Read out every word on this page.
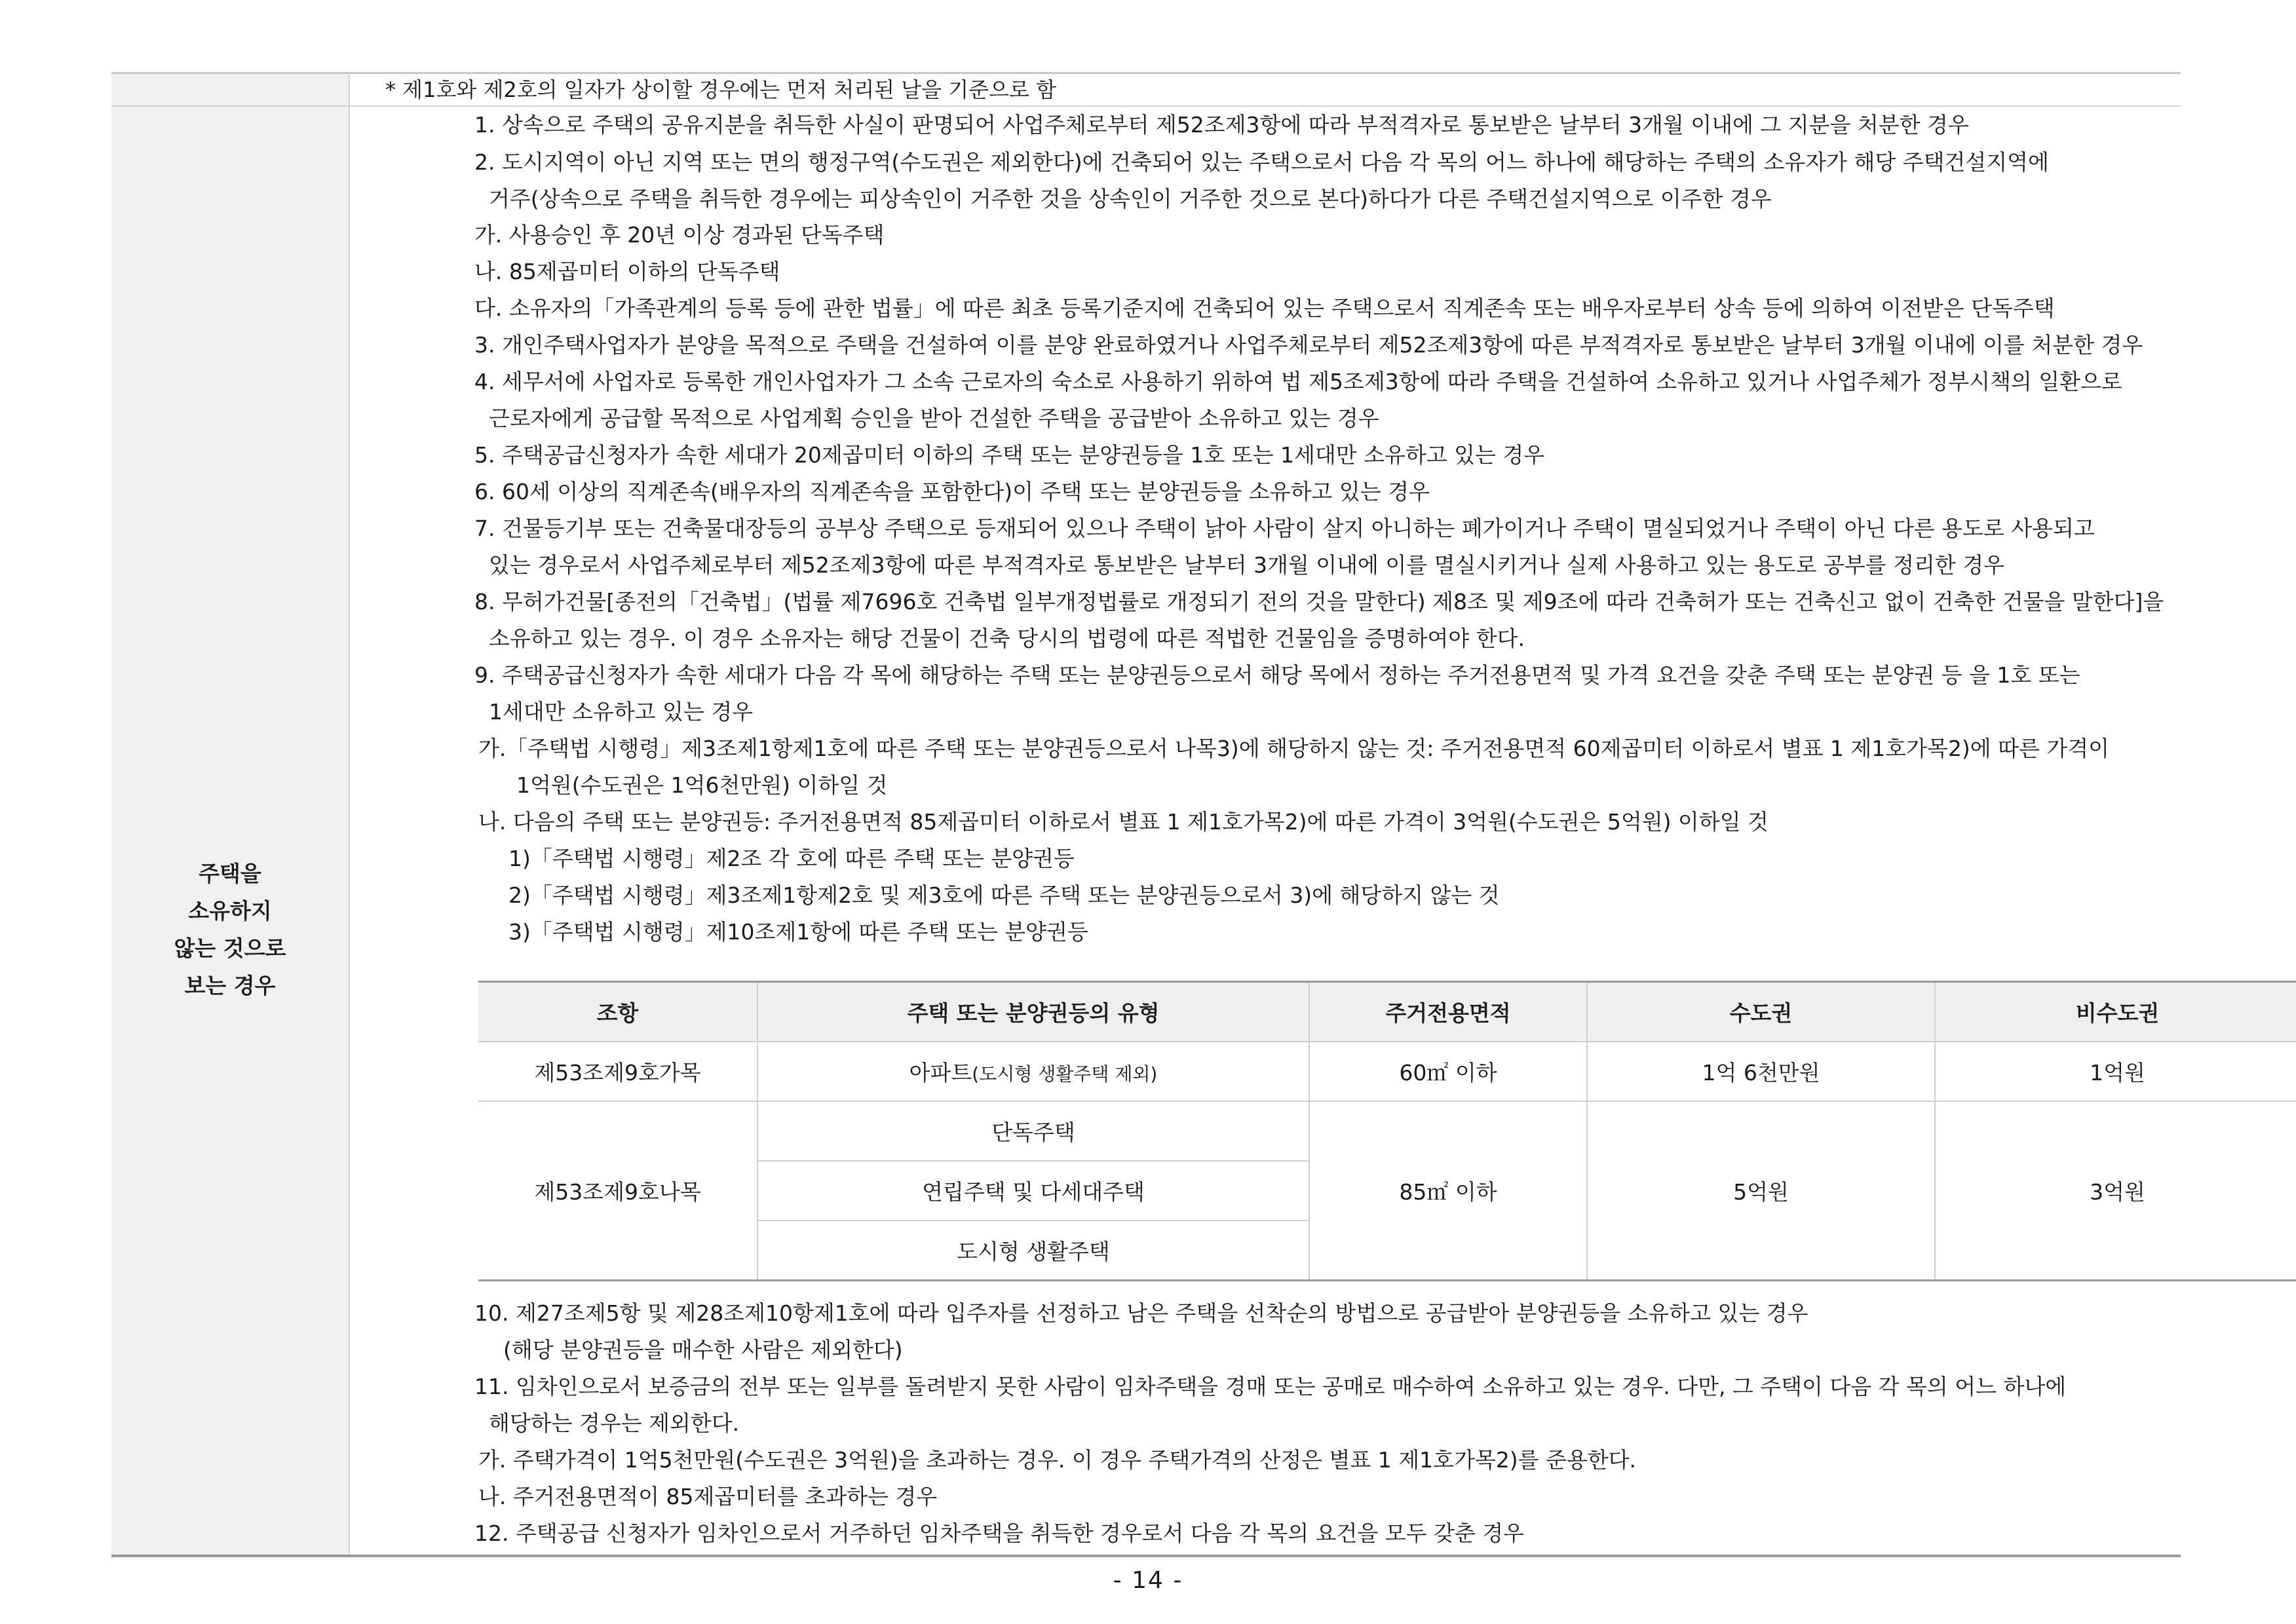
* 제1호와 제2호의 일자가 상이할 경우에는 먼저 처리된 날을 기준으로 함
주택을
소유하지
않는 것으로
보는 경우
1. 상속으로 주택의 공유지분을 취득한 사실이 판명되어 사업주체로부터 제52조제3항에 따라 부적격자로 통보받은 날부터 3개월 이내에 그 지분을 처분한 경우
2. 도시지역이 아닌 지역 또는 면의 행정구역(수도권은 제외한다)에 건축되어 있는 주택으로서 다음 각 목의 어느 하나에 해당하는 주택의 소유자가 해당 주택건설지역에
거주(상속으로 주택을 취득한 경우에는 피상속인이 거주한 것을 상속인이 거주한 것으로 본다)하다가 다른 주택건설지역으로 이주한 경우
가. 사용승인 후 20년 이상 경과된 단독주택
나. 85제곱미터 이하의 단독주택
다. 소유자의「가족관계의 등록 등에 관한 법률」에 따른 최초 등록기준지에 건축되어 있는 주택으로서 직계존속 또는 배우자로부터 상속 등에 의하여 이전받은 단독주택
3. 개인주택사업자가 분양을 목적으로 주택을 건설하여 이를 분양 완료하였거나 사업주체로부터 제52조제3항에 따른 부적격자로 통보받은 날부터 3개월 이내에 이를 처분한 경우
4. 세무서에 사업자로 등록한 개인사업자가 그 소속 근로자의 숙소로 사용하기 위하여 법 제5조제3항에 따라 주택을 건설하여 소유하고 있거나 사업주체가 정부시책의 일환으로
근로자에게 공급할 목적으로 사업계획 승인을 받아 건설한 주택을 공급받아 소유하고 있는 경우
5. 주택공급신청자가 속한 세대가 20제곱미터 이하의 주택 또는 분양권등을 1호 또는 1세대만 소유하고 있는 경우
6. 60세 이상의 직계존속(배우자의 직계존속을 포함한다)이 주택 또는 분양권등을 소유하고 있는 경우
7. 건물등기부 또는 건축물대장등의 공부상 주택으로 등재되어 있으나 주택이 낡아 사람이 살지 아니하는 폐가이거나 주택이 멸실되었거나 주택이 아닌 다른 용도로 사용되고
있는 경우로서 사업주체로부터 제52조제3항에 따른 부적격자로 통보받은 날부터 3개월 이내에 이를 멸실시키거나 실제 사용하고 있는 용도로 공부를 정리한 경우
8. 무허가건물[종전의「건축법」(법률 제7696호 건축법 일부개정법률로 개정되기 전의 것을 말한다) 제8조 및 제9조에 따라 건축허가 또는 건축신고 없이 건축한 건물을 말한다]을
소유하고 있는 경우. 이 경우 소유자는 해당 건물이 건축 당시의 법령에 따른 적법한 건물임을 증명하여야 한다.
9. 주택공급신청자가 속한 세대가 다음 각 목에 해당하는 주택 또는 분양권등으로서 해당 목에서 정하는 주거전용면적 및 가격 요건을 갖춘 주택 또는 분양권 등 을 1호 또는
1세대만 소유하고 있는 경우
가.「주택법 시행령」제3조제1항제1호에 따른 주택 또는 분양권등으로서 나목3)에 해당하지 않는 것: 주거전용면적 60제곱미터 이하로서 별표 1 제1호가목2)에 따른 가격이
1억원(수도권은 1억6천만원) 이하일 것
나. 다음의 주택 또는 분양권등: 주거전용면적 85제곱미터 이하로서 별표 1 제1호가목2)에 따른 가격이 3억원(수도권은 5억원) 이하일 것
1)「주택법 시행령」제2조 각 호에 따른 주택 또는 분양권등
2)「주택법 시행령」제3조제1항제2호 및 제3호에 따른 주택 또는 분양권등으로서 3)에 해당하지 않는 것
3)「주택법 시행령」제10조제1항에 따른 주택 또는 분양권등
조항	주택 또는 분양권등의 유형	주거전용면적	수도권	비수도권
제53조제9호가목	아파트(도시형 생활주택 제외)	60㎡ 이하	1억 6천만원	1억원
제53조제9호나목	단독주택	85㎡ 이하	5억원	3억원
	연립주택 및 다세대주택			
	도시형 생활주택			
10. 제27조제5항 및 제28조제10항제1호에 따라 입주자를 선정하고 남은 주택을 선착순의 방법으로 공급받아 분양권등을 소유하고 있는 경우
(해당 분양권등을 매수한 사람은 제외한다)
11. 임차인으로서 보증금의 전부 또는 일부를 돌려받지 못한 사람이 임차주택을 경매 또는 공매로 매수하여 소유하고 있는 경우. 다만, 그 주택이 다음 각 목의 어느 하나에
해당하는 경우는 제외한다.
가. 주택가격이 1억5천만원(수도권은 3억원)을 초과하는 경우. 이 경우 주택가격의 산정은 별표 1 제1호가목2)를 준용한다.
나. 주거전용면적이 85제곱미터를 초과하는 경우
12. 주택공급 신청자가 임차인으로서 거주하던 임차주택을 취득한 경우로서 다음 각 목의 요건을 모두 갖춘 경우
- 14 -
